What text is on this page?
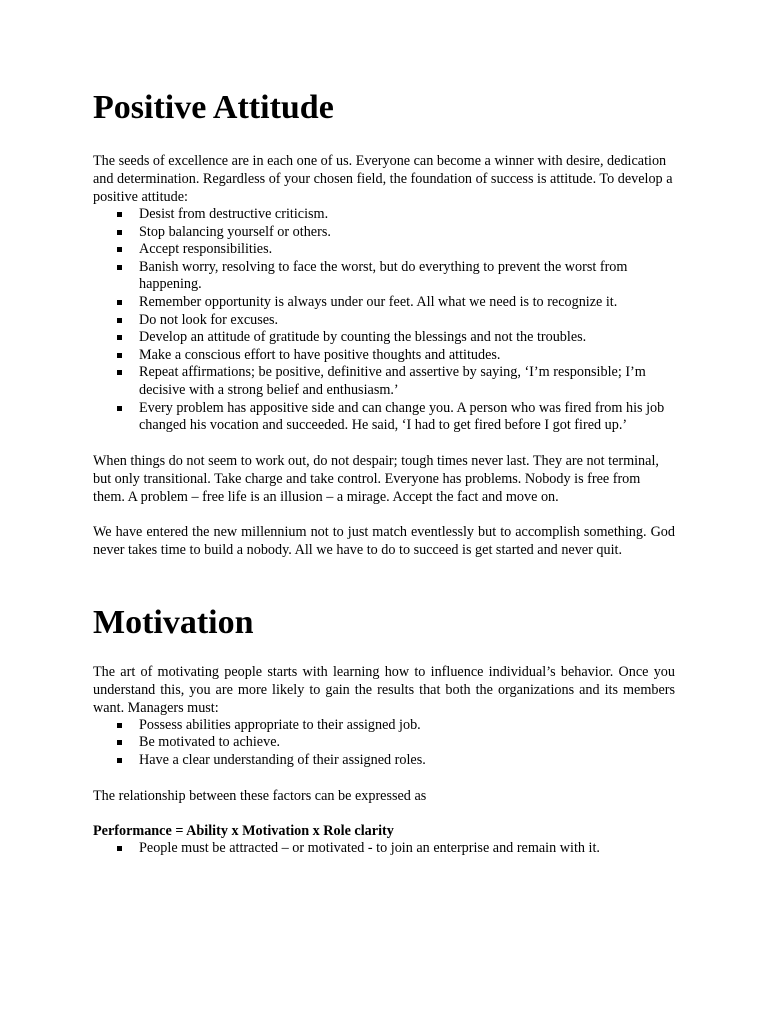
Positive Attitude

The seeds of excellence are in each one of us. Everyone can become a winner with desire, dedication and determination. Regardless of your chosen field, the foundation of success is attitude. To develop a positive attitude:

Desist from destructive criticism.
Stop balancing yourself or others.
Accept responsibilities.
Banish worry, resolving to face the worst, but do everything to prevent the worst from happening.
Remember opportunity is always under our feet. All what we need is to recognize it.
Do not look for excuses.
Develop an attitude of gratitude by counting the blessings and not the troubles.
Make a conscious effort to have positive thoughts and attitudes.
Repeat affirmations; be positive, definitive and assertive by saying, ‘I’m responsible; I’m decisive with a strong belief and enthusiasm.’
Every problem has appositive side and can change you. A person who was fired from his job changed his vocation and succeeded. He said, ‘I had to get fired before I got fired up.’

When things do not seem to work out, do not despair; tough times never last. They are not terminal, but only transitional. Take charge and take control. Everyone has problems. Nobody is free from them. A problem – free life is an illusion – a mirage. Accept the fact and move on.

We have entered the new millennium not to just match eventlessly but to accomplish something. God never takes time to build a nobody. All we have to do to succeed is get started and never quit.

Motivation

The art of motivating people starts with learning how to influence individual’s behavior. Once you understand this, you are more likely to gain the results that both the organizations and its members want. Managers must:

Possess abilities appropriate to their assigned job.
Be motivated to achieve.
Have a clear understanding of their assigned roles.

The relationship between these factors can be expressed as

Performance = Ability x Motivation x Role clarity

People must be attracted – or motivated - to join an enterprise and remain with it.
